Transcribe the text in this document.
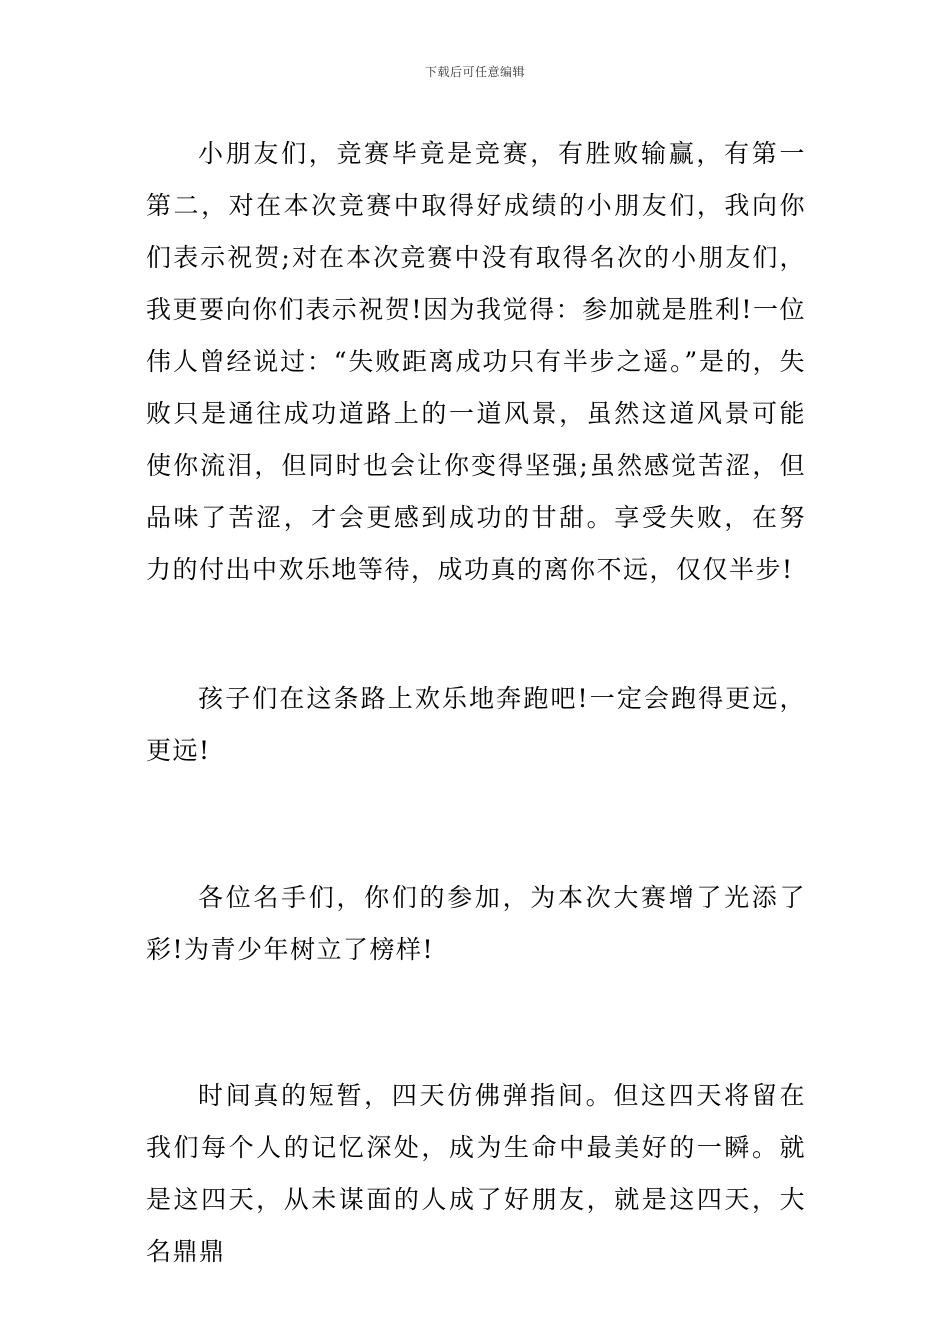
下载后可任意编辑

小朋友们，竞赛毕竟是竞赛，有胜败输赢，有第一第二，对在本次竞赛中取得好成绩的小朋友们，我向你们表示祝贺;对在本次竞赛中没有取得名次的小朋友们，我更要向你们表示祝贺!因为我觉得：参加就是胜利!一位伟人曾经说过：“失败距离成功只有半步之遥。”是的，失败只是通往成功道路上的一道风景，虽然这道风景可能使你流泪，但同时也会让你变得坚强;虽然感觉苦涩，但品味了苦涩，才会更感到成功的甘甜。享受失败，在努力的付出中欢乐地等待，成功真的离你不远，仅仅半步!

孩子们在这条路上欢乐地奔跑吧!一定会跑得更远，更远!

各位名手们，你们的参加，为本次大赛增了光添了彩!为青少年树立了榜样!

时间真的短暂，四天仿佛弹指间。但这四天将留在我们每个人的记忆深处，成为生命中最美好的一瞬。就是这四天，从未谋面的人成了好朋友，就是这四天，大名鼎鼎
